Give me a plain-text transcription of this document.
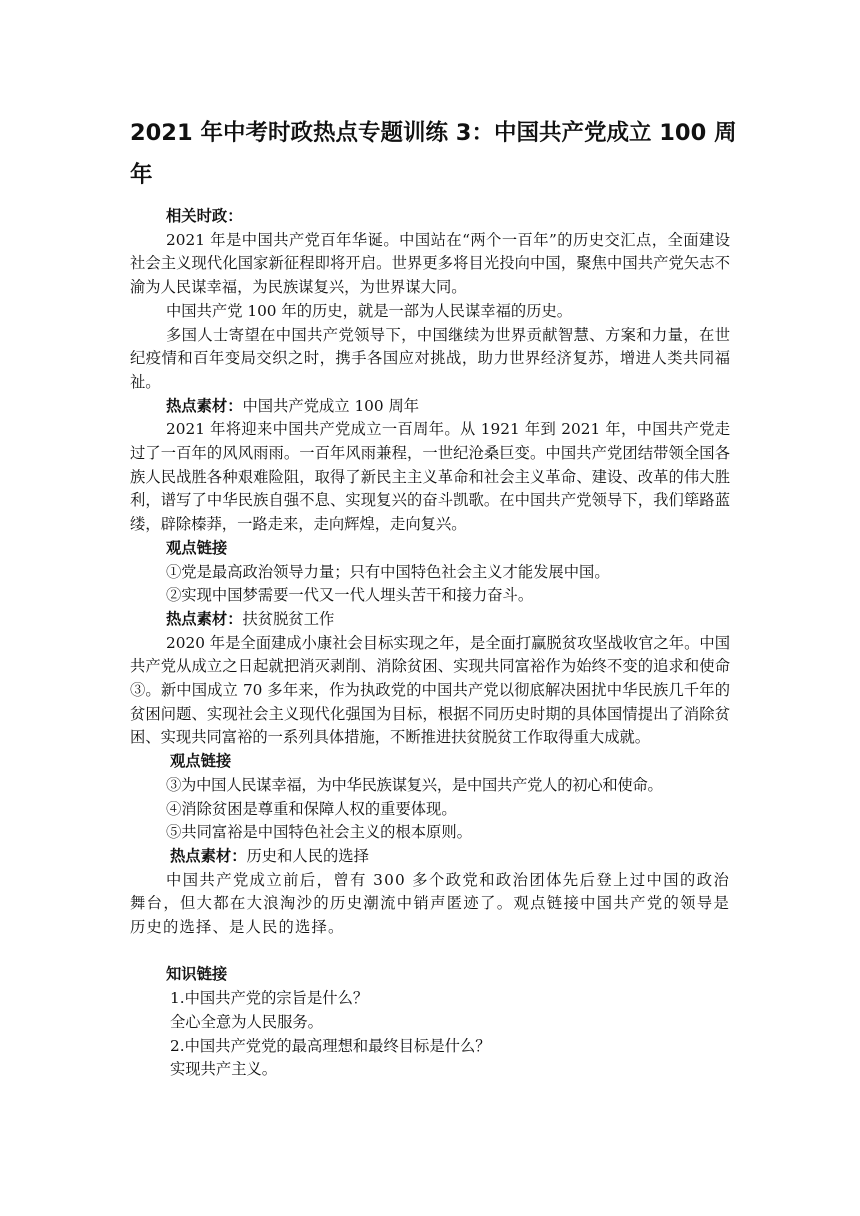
2021 年中考时政热点专题训练 3：中国共产党成立 100 周年

相关时政：

2021 年是中国共产党百年华诞。中国站在“两个一百年”的历史交汇点，全面建设社会主义现代化国家新征程即将开启。世界更多将目光投向中国，聚焦中国共产党矢志不渝为人民谋幸福，为民族谋复兴，为世界谋大同。

中国共产党 100 年的历史，就是一部为人民谋幸福的历史。

多国人士寄望在中国共产党领导下，中国继续为世界贡献智慧、方案和力量，在世纪疫情和百年变局交织之时，携手各国应对挑战，助力世界经济复苏，增进人类共同福祉。

热点素材：中国共产党成立 100 周年

2021 年将迎来中国共产党成立一百周年。从 1921 年到 2021 年，中国共产党走过了一百年的风风雨雨。一百年风雨兼程，一世纪沧桑巨变。中国共产党团结带领全国各族人民战胜各种艰难险阻，取得了新民主主义革命和社会主义革命、建设、改革的伟大胜利，谱写了中华民族自强不息、实现复兴的奋斗凯歌。在中国共产党领导下，我们筚路蓝缕，辟除榛莽，一路走来，走向辉煌，走向复兴。

观点链接

①党是最高政治领导力量；只有中国特色社会主义才能发展中国。

②实现中国梦需要一代又一代人埋头苦干和接力奋斗。

热点素材：扶贫脱贫工作

2020 年是全面建成小康社会目标实现之年，是全面打赢脱贫攻坚战收官之年。中国共产党从成立之日起就把消灭剥削、消除贫困、实现共同富裕作为始终不变的追求和使命③。新中国成立 70 多年来，作为执政党的中国共产党以彻底解决困扰中华民族几千年的贫困问题、实现社会主义现代化强国为目标，根据不同历史时期的具体国情提出了消除贫困、实现共同富裕的一系列具体措施，不断推进扶贫脱贫工作取得重大成就。

观点链接

③为中国人民谋幸福，为中华民族谋复兴，是中国共产党人的初心和使命。

④消除贫困是尊重和保障人权的重要体现。

⑤共同富裕是中国特色社会主义的根本原则。

热点素材：历史和人民的选择

中国共产党成立前后，曾有 300 多个政党和政治团体先后登上过中国的政治舞台，但大都在大浪淘沙的历史潮流中销声匿迹了。观点链接中国共产党的领导是历史的选择、是人民的选择。

知识链接

1.中国共产党的宗旨是什么？

全心全意为人民服务。

2.中国共产党党的最高理想和最终目标是什么？

实现共产主义。
